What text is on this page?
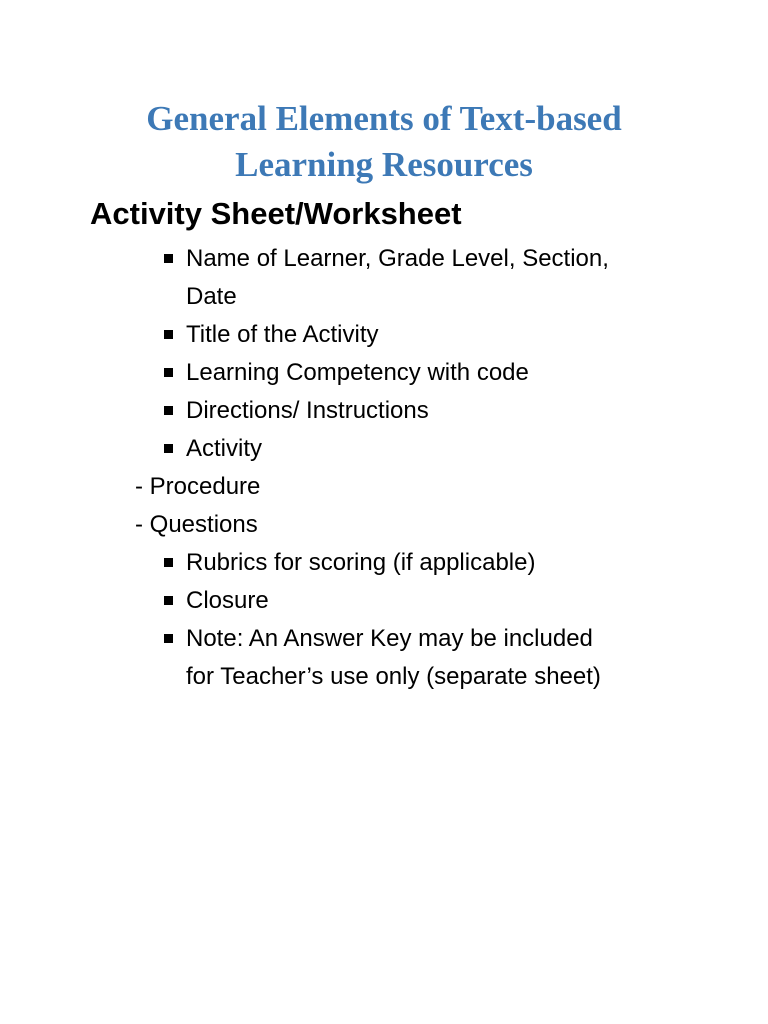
General Elements of Text-based
Learning Resources
Activity Sheet/Worksheet
Name of Learner, Grade Level, Section,
Date
Title of the Activity
Learning Competency with code
Directions/ Instructions
Activity
- Procedure
- Questions
Rubrics for scoring (if applicable)
Closure
Note: An Answer Key may be included
for Teacher’s use only (separate sheet)
